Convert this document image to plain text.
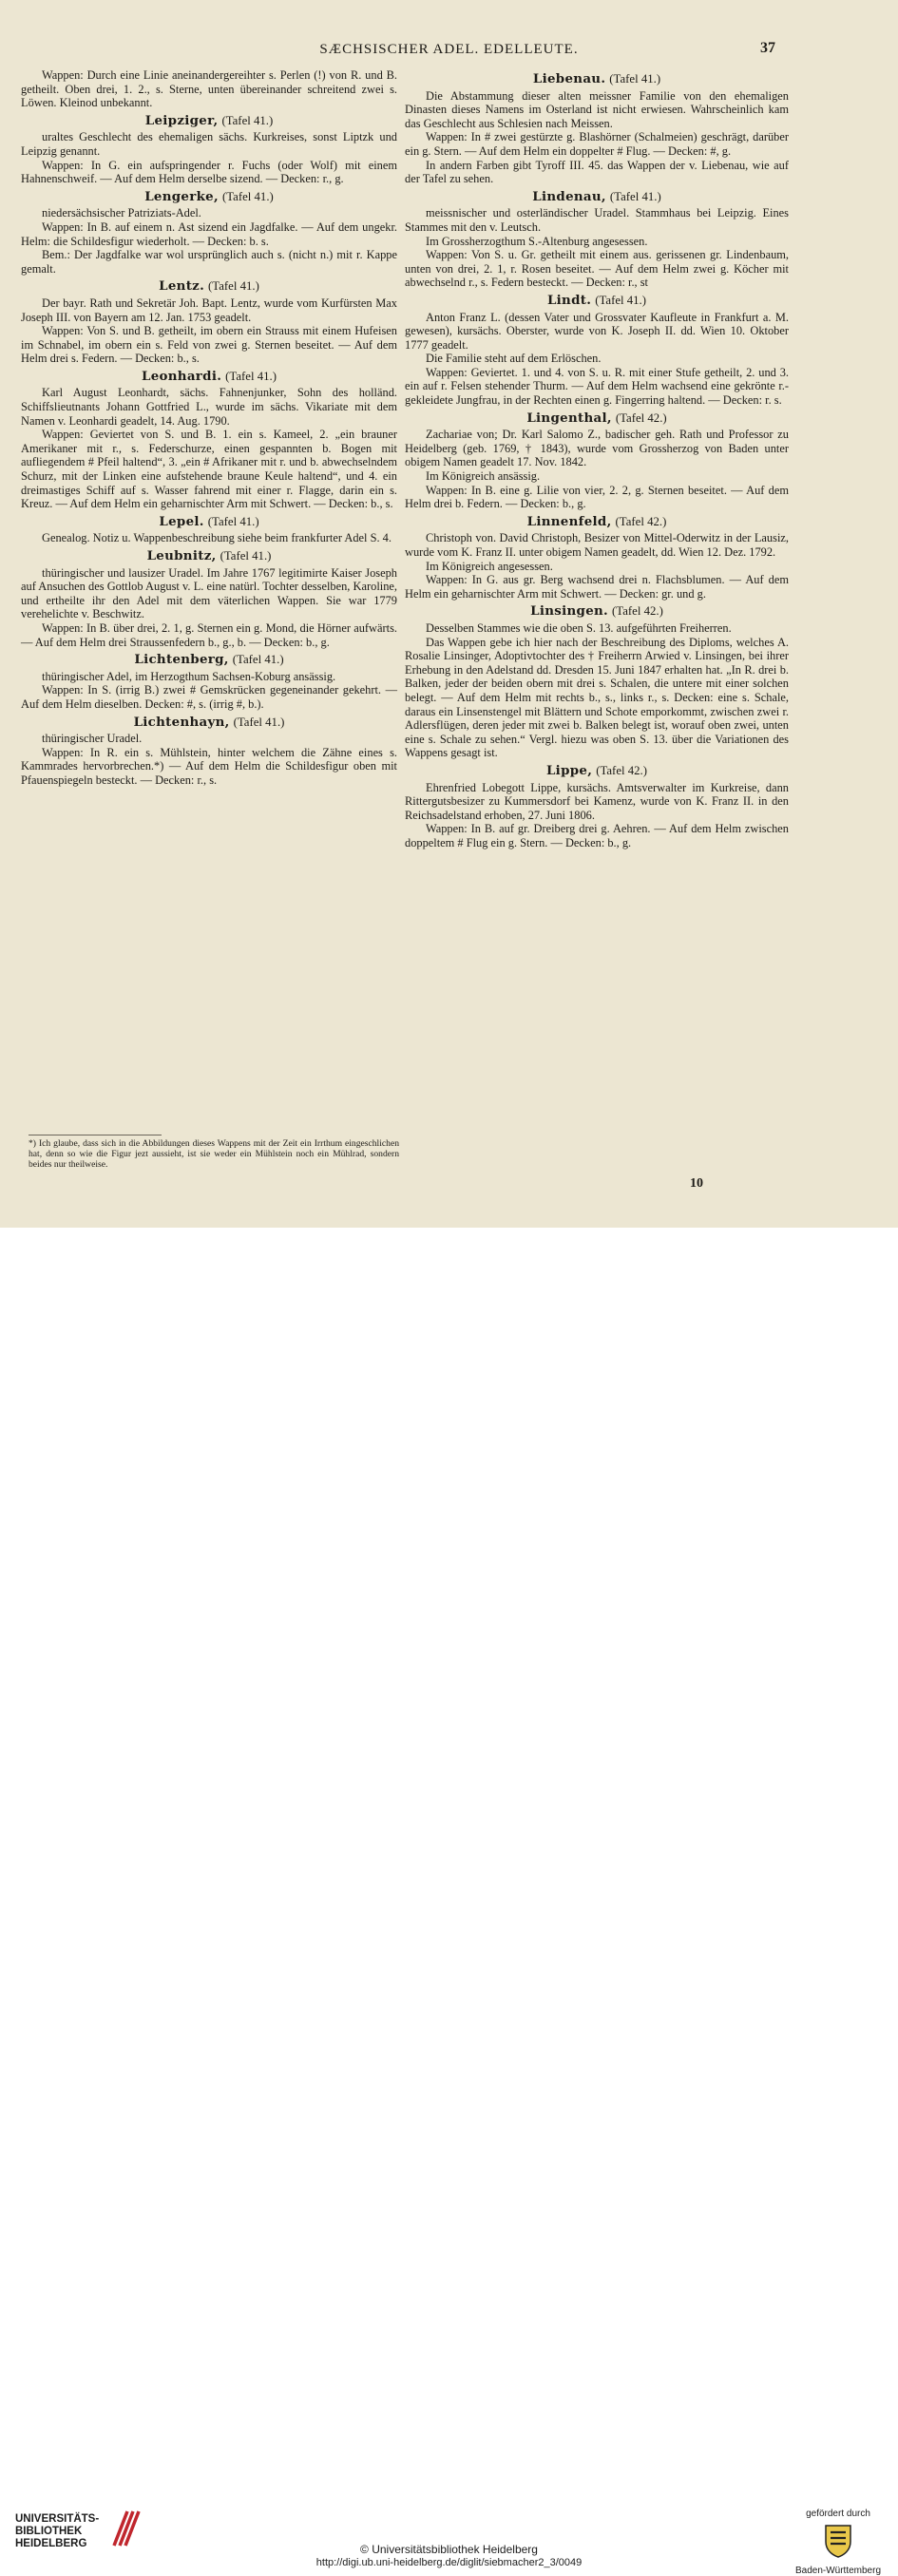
SÆCHSISCHER ADEL. EDELLEUTE.	37

Wappen: Durch eine Linie aneinandergereihter s. Perlen (!) von R. und B. getheilt. Oben drei, 1. 2., s. Sterne, unten übereinander schreitend zwei s. Löwen. Kleinod unbekannt.

Leipziger, (Tafel 41.)

uraltes Geschlecht des ehemaligen sächs. Kurkreises, sonst Liptzk und Leipzig genannt.

Wappen: In G. ein aufspringender r. Fuchs (oder Wolf) mit einem Hahnenschweif. — Auf dem Helm derselbe sizend. — Decken: r., g.

Lengerke, (Tafel 41.)

niedersächsischer Patriziats-Adel.

Wappen: In B. auf einem n. Ast sizend ein Jagdfalke. — Auf dem ungekr. Helm: die Schildesfigur wiederholt. — Decken: b. s.

Bem.: Der Jagdfalke war wol ursprünglich auch s. (nicht n.) mit r. Kappe gemalt.

Lentz. (Tafel 41.)

Der bayr. Rath und Sekretär Joh. Bapt. Lentz, wurde vom Kurfürsten Max Joseph III. von Bayern am 12. Jan. 1753 geadelt.

Wappen: Von S. und B. getheilt, im obern ein Strauss mit einem Hufeisen im Schnabel, im obern ein s. Feld von zwei g. Sternen beseitet. — Auf dem Helm drei s. Federn. — Decken: b., s.

Leonhardi. (Tafel 41.)

Karl August Leonhardt, sächs. Fahnenjunker, Sohn des holländ. Schiffslieutnants Johann Gottfried L., wurde im sächs. Vikariate mit dem Namen v. Leonhardi geadelt, 14. Aug. 1790.

Wappen: Geviertet von S. und B. 1. ein s. Kameel, 2. „ein brauner Amerikaner mit r., s. Federschurze, einen gespannten b. Bogen mit aufliegendem # Pfeil haltend“, 3. „ein # Afrikaner mit r. und b. abwechselndem Schurz, mit der Linken eine aufstehende braune Keule haltend“, und 4. ein dreimastiges Schiff auf s. Wasser fahrend mit einer r. Flagge, darin ein s. Kreuz. — Auf dem Helm ein geharnischter Arm mit Schwert. — Decken: b., s.

Lepel. (Tafel 41.)

Genealog. Notiz u. Wappenbeschreibung siehe beim frankfurter Adel S. 4.

Leubnitz, (Tafel 41.)

thüringischer und lausizer Uradel. Im Jahre 1767 legitimirte Kaiser Joseph auf Ansuchen des Gottlob August v. L. eine natürl. Tochter desselben, Karoline, und ertheilte ihr den Adel mit dem väterlichen Wappen. Sie war 1779 verehelichte v. Beschwitz.

Wappen: In B. über drei, 2. 1, g. Sternen ein g. Mond, die Hörner aufwärts. — Auf dem Helm drei Straussenfedern b., g., b. — Decken: b., g.

Lichtenberg, (Tafel 41.)

thüringischer Adel, im Herzogthum Sachsen-Koburg ansässig.

Wappen: In S. (irrig B.) zwei # Gemskrücken gegeneinander gekehrt. — Auf dem Helm dieselben. Decken: #, s. (irrig #, b.).

Lichtenhayn, (Tafel 41.)

thüringischer Uradel.

Wappen: In R. ein s. Mühlstein, hinter welchem die Zähne eines s. Kammrades hervorbrechen.*) — Auf dem Helm die Schildesfigur oben mit Pfauenspiegeln besteckt. — Decken: r., s.

Liebenau. (Tafel 41.)

Die Abstammung dieser alten meissner Familie von den ehemaligen Dinasten dieses Namens im Osterland ist nicht erwiesen. Wahrscheinlich kam das Geschlecht aus Schlesien nach Meissen.

Wappen: In # zwei gestürzte g. Blashörner (Schalmeien) geschrägt, darüber ein g. Stern. — Auf dem Helm ein doppelter # Flug. — Decken: #, g.

In andern Farben gibt Tyroff III. 45. das Wappen der v. Liebenau, wie auf der Tafel zu sehen.

Lindenau, (Tafel 41.)

meissnischer und osterländischer Uradel. Stammhaus bei Leipzig. Eines Stammes mit den v. Leutsch.

Im Grossherzogthum S.-Altenburg angesessen.

Wappen: Von S. u. Gr. getheilt mit einem aus. gerissenen gr. Lindenbaum, unten von drei, 2. 1, r. Rosen beseitet. — Auf dem Helm zwei g. Köcher mit abwechselnd r., s. Federn besteckt. — Decken: r., st

Lindt. (Tafel 41.)

Anton Franz L. (dessen Vater und Grossvater Kaufleute in Frankfurt a. M. gewesen), kursächs. Oberster, wurde von K. Joseph II. dd. Wien 10. Oktober 1777 geadelt.

Die Familie steht auf dem Erlöschen.

Wappen: Geviertet. 1. und 4. von S. u. R. mit einer Stufe getheilt, 2. und 3. ein auf r. Felsen stehender Thurm. — Auf dem Helm wachsend eine gekrönte r.-gekleidete Jungfrau, in der Rechten einen g. Fingerring haltend. — Decken: r. s.

Lingenthal, (Tafel 42.)

Zachariae von; Dr. Karl Salomo Z., badischer geh. Rath und Professor zu Heidelberg (geb. 1769, † 1843), wurde vom Grossherzog von Baden unter obigem Namen geadelt 17. Nov. 1842.

Im Königreich ansässig.

Wappen: In B. eine g. Lilie von vier, 2. 2, g. Sternen beseitet. — Auf dem Helm drei b. Federn. — Decken: b., g.

Linnenfeld, (Tafel 42.)

Christoph von. David Christoph, Besizer von Mittel-Oderwitz in der Lausiz, wurde vom K. Franz II. unter obigem Namen geadelt, dd. Wien 12. Dez. 1792.

Im Königreich angesessen.

Wappen: In G. aus gr. Berg wachsend drei n. Flachsblumen. — Auf dem Helm ein geharnischter Arm mit Schwert. — Decken: gr. und g.

Linsingen. (Tafel 42.)

Desselben Stammes wie die oben S. 13. aufgeführten Freiherren.

Das Wappen gebe ich hier nach der Beschreibung des Diploms, welches A. Rosalie Linsinger, Adoptivtochter des † Freiherrn Arwied v. Linsingen, bei ihrer Erhebung in den Adelstand dd. Dresden 15. Juni 1847 erhalten hat. „In R. drei b. Balken, jeder der beiden obern mit drei s. Schalen, die untere mit einer solchen belegt. — Auf dem Helm mit rechts b., s., links r., s. Decken: eine s. Schale, daraus ein Linsenstengel mit Blättern und Schote emporkommt, zwischen zwei r. Adlersflügen, deren jeder mit zwei b. Balken belegt ist, worauf oben zwei, unten eine s. Schale zu sehen.“ Vergl. hiezu was oben S. 13. über die Variationen des Wappens gesagt ist.

Lippe, (Tafel 42.)

Ehrenfried Lobegott Lippe, kursächs. Amtsverwalter im Kurkreise, dann Rittergutsbesizer zu Kummersdorf bei Kamenz, wurde von K. Franz II. in den Reichsadelstand erhoben, 27. Juni 1806.

Wappen: In B. auf gr. Dreiberg drei g. Aehren. — Auf dem Helm zwischen doppeltem # Flug ein g. Stern. — Decken: b., g.

*) Ich glaube, dass sich in die Abbildungen dieses Wappens mit der Zeit ein Irrthum eingeschlichen hat, denn so wie die Figur jezt aussieht, ist sie weder ein Mühlstein noch ein Mühlrad, sondern beides nur theilweise.
10
UNIVERSITÄTS-
BIBLIOTHEK
HEIDELBERG	© Universitätsbibliothek Heidelberg
http://digi.ub.uni-heidelberg.de/diglit/siebmacher2_3/0049
gefördert durch
Baden-Württemberg
